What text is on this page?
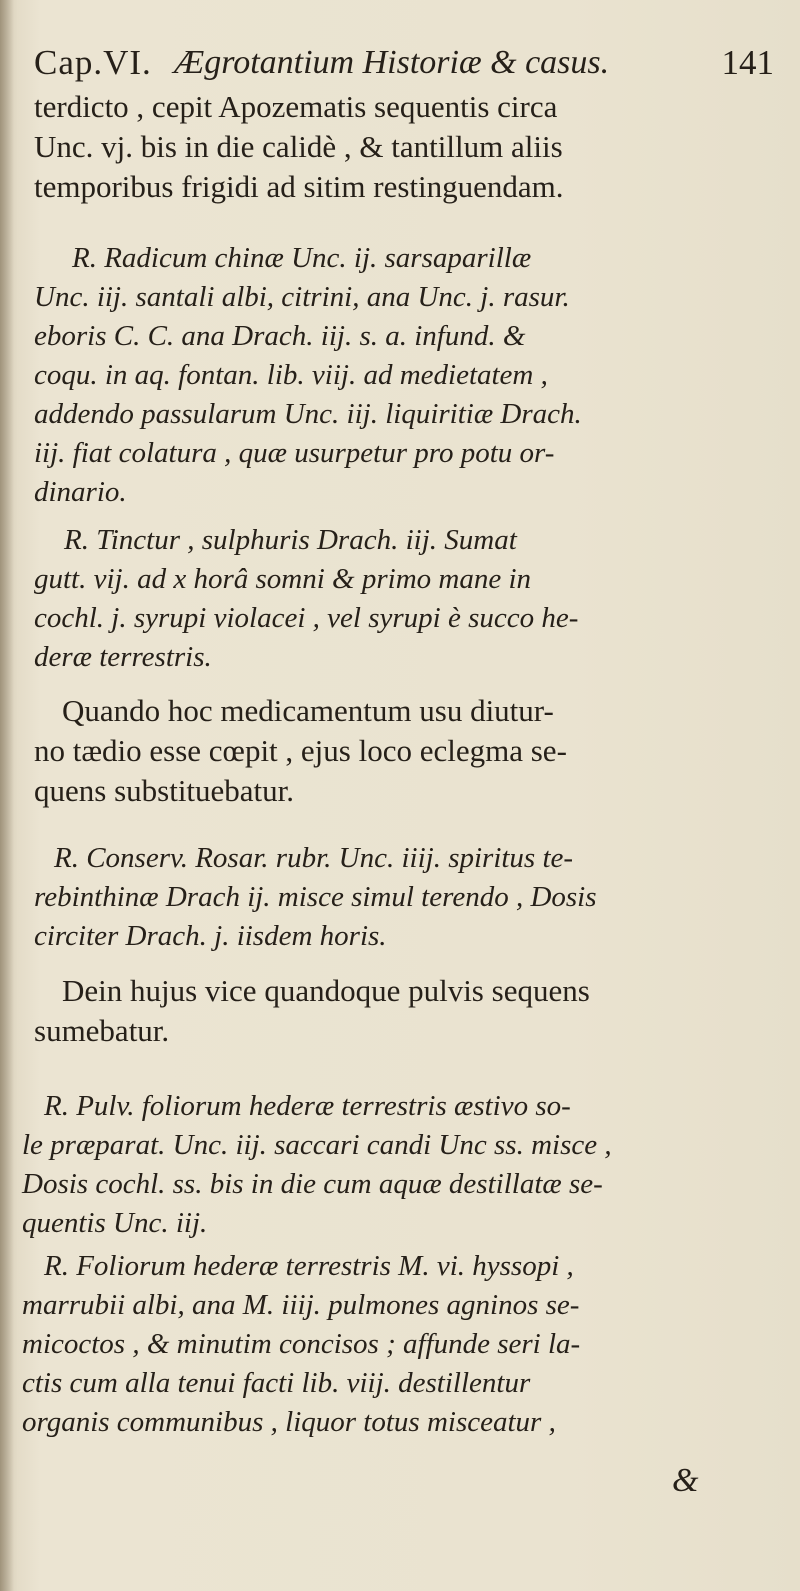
Cap.VI. Ægrotantium Historiæ & casus.	141
terdicto , cepit Apozematis sequentis circa
Unc. vj. bis in die calidè , & tantillum aliis
temporibus frigidi ad sitim restinguendam.
R. Radicum chinæ Unc. ij. sarsaparillæ
Unc. iij. santali albi, citrini, ana Unc. j. rasur.
eboris C. C. ana Drach. iij. s. a. infund. &
coqu. in aq. fontan. lib. viij. ad medietatem ,
addendo passularum Unc. iij. liquiritiæ Drach.
iij. fiat colatura , quæ usurpetur pro potu or-
dinario.
R. Tinctur , sulphuris Drach. iij. Sumat
gutt. vij. ad x horâ somni & primo mane in
cochl. j. syrupi violacei , vel syrupi è succo he-
deræ terrestris.
Quando hoc medicamentum usu diutur-
no tædio esse cœpit , ejus loco eclegma se-
quens substituebatur.
R. Conserv. Rosar. rubr. Unc. iiij. spiritus te-
rebinthinæ Drach ij. misce simul terendo , Dosis
circiter Drach. j. iisdem horis.
Dein hujus vice quandoque pulvis sequens
sumebatur.
R. Pulv. foliorum hederæ terrestris æstivo so-
le præparat. Unc. iij. saccari candi Unc ss. misce ,
Dosis cochl. ss. bis in die cum aquæ destillatæ se-
quentis Unc. iij.
R. Foliorum hederæ terrestris M. vi. hyssopi ,
marrubii albi, ana M. iiij. pulmones agninos se-
micoctos , & minutim concisos ; affunde seri la-
ctis cum alla tenui facti lib. viij. destillentur
organis communibus , liquor totus misceatur ,
&
